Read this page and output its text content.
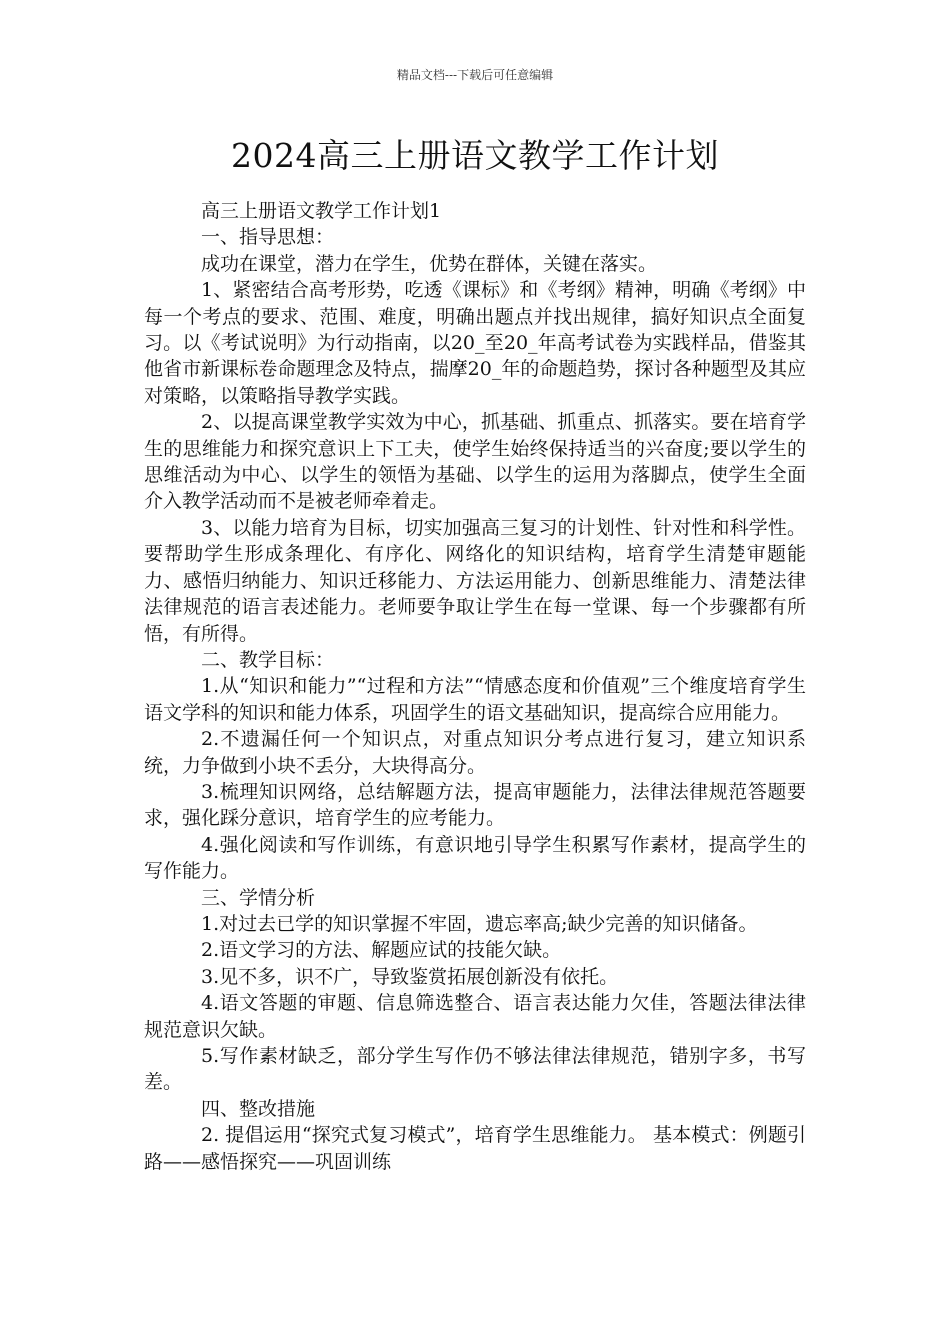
精品文档---下载后可任意编辑
2024高三上册语文教学工作计划

高三上册语文教学工作计划1

一、指导思想：

成功在课堂，潜力在学生，优势在群体，关键在落实。

1、紧密结合高考形势，吃透《课标》和《考纲》精神，明确《考纲》中每一个考点的要求、范围、难度，明确出题点并找出规律，搞好知识点全面复习。以《考试说明》为行动指南，以20_至20_年高考试卷为实践样品，借鉴其他省市新课标卷命题理念及特点，揣摩20_年的命题趋势，探讨各种题型及其应对策略，以策略指导教学实践。

2、以提高课堂教学实效为中心，抓基础、抓重点、抓落实。要在培育学生的思维能力和探究意识上下工夫，使学生始终保持适当的兴奋度;要以学生的思维活动为中心、以学生的领悟为基础、以学生的运用为落脚点，使学生全面介入教学活动而不是被老师牵着走。

3、以能力培育为目标，切实加强高三复习的计划性、针对性和科学性。要帮助学生形成条理化、有序化、网络化的知识结构，培育学生清楚审题能力、感悟归纳能力、知识迁移能力、方法运用能力、创新思维能力、清楚法律法律规范的语言表述能力。老师要争取让学生在每一堂课、每一个步骤都有所悟，有所得。

二、教学目标：

1.从“知识和能力”“过程和方法”“情感态度和价值观”三个维度培育学生语文学科的知识和能力体系，巩固学生的语文基础知识，提高综合应用能力。

2.不遗漏任何一个知识点，对重点知识分考点进行复习，建立知识系统，力争做到小块不丢分，大块得高分。

3.梳理知识网络，总结解题方法，提高审题能力，法律法律规范答题要求，强化踩分意识，培育学生的应考能力。

4.强化阅读和写作训练，有意识地引导学生积累写作素材，提高学生的写作能力。

三、学情分析

1.对过去已学的知识掌握不牢固，遗忘率高;缺少完善的知识储备。

2.语文学习的方法、解题应试的技能欠缺。

3.见不多，识不广，导致鉴赏拓展创新没有依托。

4.语文答题的审题、信息筛选整合、语言表达能力欠佳，答题法律法律规范意识欠缺。

5.写作素材缺乏，部分学生写作仍不够法律法律规范，错别字多，书写差。

四、整改措施

2. 提倡运用“探究式复习模式”，培育学生思维能力。 基本模式：例题引路——感悟探究——巩固训练
